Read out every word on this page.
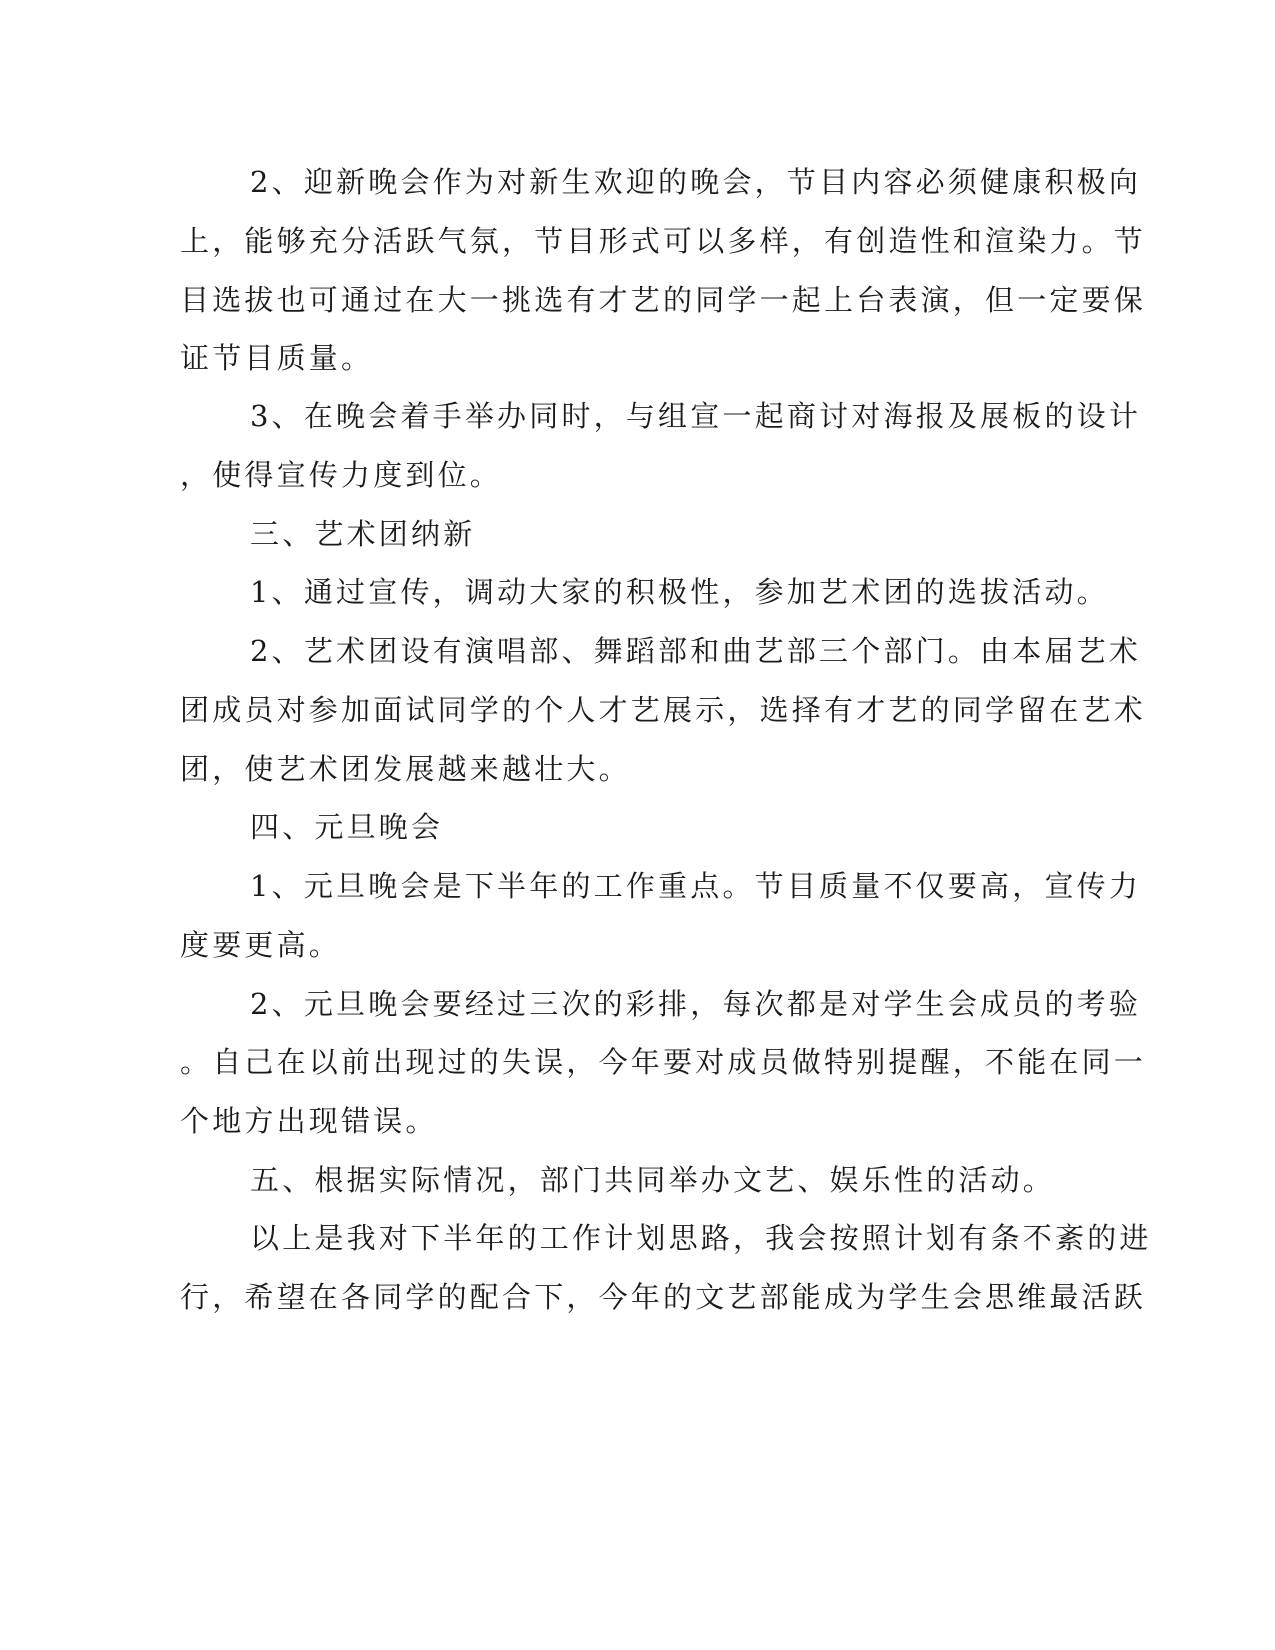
2、迎新晚会作为对新生欢迎的晚会，节目内容必须健康积极向
上，能够充分活跃气氛，节目形式可以多样，有创造性和渲染力。节
目选拔也可通过在大一挑选有才艺的同学一起上台表演，但一定要保
证节目质量。
3、在晚会着手举办同时，与组宣一起商讨对海报及展板的设计
，使得宣传力度到位。
三、艺术团纳新
1、通过宣传，调动大家的积极性，参加艺术团的选拔活动。
2、艺术团设有演唱部、舞蹈部和曲艺部三个部门。由本届艺术
团成员对参加面试同学的个人才艺展示，选择有才艺的同学留在艺术
团，使艺术团发展越来越壮大。
四、元旦晚会
1、元旦晚会是下半年的工作重点。节目质量不仅要高，宣传力
度要更高。
2、元旦晚会要经过三次的彩排，每次都是对学生会成员的考验
。自己在以前出现过的失误，今年要对成员做特别提醒，不能在同一
个地方出现错误。
五、根据实际情况，部门共同举办文艺、娱乐性的活动。
以上是我对下半年的工作计划思路，我会按照计划有条不紊的进
行，希望在各同学的配合下，今年的文艺部能成为学生会思维最活跃
